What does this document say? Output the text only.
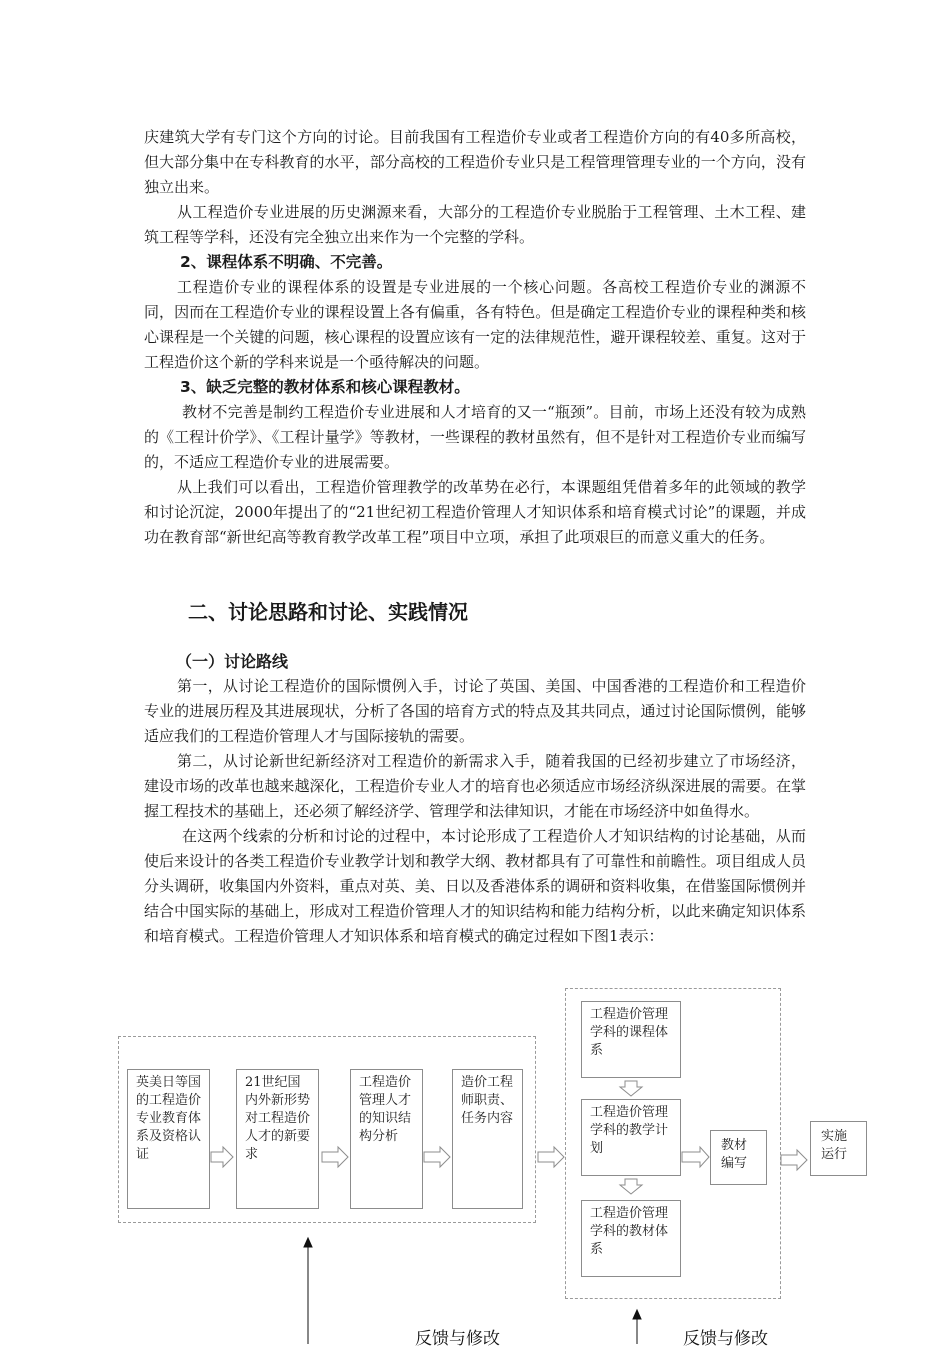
庆建筑大学有专门这个方向的讨论。目前我国有工程造价专业或者工程造价方向的有40多所高校，但大部分集中在专科教育的水平，部分高校的工程造价专业只是工程管理管理专业的一个方向，没有独立出来。

从工程造价专业进展的历史渊源来看，大部分的工程造价专业脱胎于工程管理、土木工程、建筑工程等学科，还没有完全独立出来作为一个完整的学科。

2、课程体系不明确、不完善。

工程造价专业的课程体系的设置是专业进展的一个核心问题。各高校工程造价专业的渊源不同，因而在工程造价专业的课程设置上各有偏重，各有特色。但是确定工程造价专业的课程种类和核心课程是一个关键的问题，核心课程的设置应该有一定的法律规范性，避开课程较差、重复。这对于工程造价这个新的学科来说是一个亟待解决的问题。

3、缺乏完整的教材体系和核心课程教材。

教材不完善是制约工程造价专业进展和人才培育的又一“瓶颈”。目前，市场上还没有较为成熟的《工程计价学》、《工程计量学》等教材，一些课程的教材虽然有，但不是针对工程造价专业而编写的，不适应工程造价专业的进展需要。

从上我们可以看出，工程造价管理教学的改革势在必行，本课题组凭借着多年的此领域的教学和讨论沉淀，2000年提出了的“21世纪初工程造价管理人才知识体系和培育模式讨论”的课题，并成功在教育部“新世纪高等教育教学改革工程”项目中立项，承担了此项艰巨的而意义重大的任务。

二、讨论思路和讨论、实践情况
（一）讨论路线

第一，从讨论工程造价的国际惯例入手，讨论了英国、美国、中国香港的工程造价和工程造价专业的进展历程及其进展现状，分析了各国的培育方式的特点及其共同点，通过讨论国际惯例，能够适应我们的工程造价管理人才与国际接轨的需要。

第二，从讨论新世纪新经济对工程造价的新需求入手，随着我国的已经初步建立了市场经济，建设市场的改革也越来越深化，工程造价专业人才的培育也必须适应市场经济纵深进展的需要。在掌握工程技术的基础上，还必须了解经济学、管理学和法律知识，才能在市场经济中如鱼得水。

在这两个线索的分析和讨论的过程中，本讨论形成了工程造价人才知识结构的讨论基础，从而使后来设计的各类工程造价专业教学计划和教学大纲、教材都具有了可靠性和前瞻性。项目组成人员分头调研，收集国内外资料，重点对英、美、日以及香港体系的调研和资料收集，在借鉴国际惯例并结合中国实际的基础上，形成对工程造价管理人才的知识结构和能力结构分析，以此来确定知识体系和培育模式。工程造价管理人才知识体系和培育模式的确定过程如下图1表示：

英美日等国的工程造价专业教育体系及资格认证
21世纪国内外新形势对工程造价人才的新要求
工程造价管理人才的知识结构分析
造价工程师职责、任务内容
工程造价管理学科的课程体系
工程造价管理学科的教学计划
工程造价管理学科的教材体系
教材编写
实施运行
反馈与修改	反馈与修改
